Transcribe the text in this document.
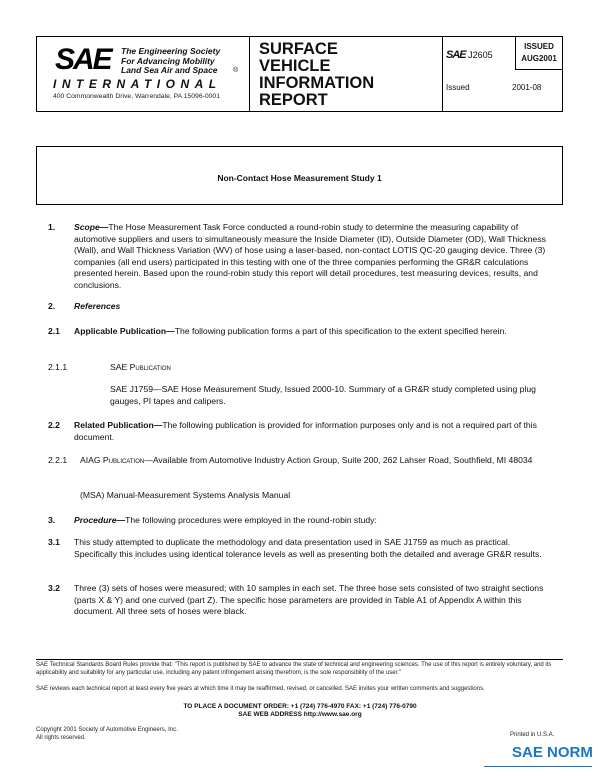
SAE The Engineering Society
For Advancing Mobility
Land Sea Air and Space	®
INTERNATIONAL
400 Commonwealth Drive, Warrendale, PA 15096-0001
SURFACE
VEHICLE
INFORMATION
REPORT
SAE J2605
Issued	2001-08
ISSUED
AUG2001
Non-Contact Hose Measurement Study 1
1. Scope—The Hose Measurement Task Force conducted a round-robin study to determine the measuring capability of automotive suppliers and users to simultaneously measure the Inside Diameter (ID), Outside Diameter (OD), Wall Thickness (Wall), and Wall Thickness Variation (WV) of hose using a laser-based, non-contact LOTIS QC-20 gauging device. Three (3) companies (all end users) participated in this testing with one of the three companies performing the GR&R calculations presented herein. Based upon the round-robin study this report will detail procedures, test measuring devices, results, and conclusions.
2. References
2.1 Applicable Publication—The following publication forms a part of this specification to the extent specified herein.
2.1.1	SAE Publication
SAE J1759—SAE Hose Measurement Study, Issued 2000-10. Summary of a GR&R study completed using plug gauges, PI tapes and calipers.
2.2 Related Publication—The following publication is provided for information purposes only and is not a required part of this document.
2.2.1 AIAG Publication—Available from Automotive Industry Action Group, Suite 200, 262 Lahser Road, Southfield, MI 48034
(MSA) Manual-Measurement Systems Analysis Manual
3. Procedure—The following procedures were employed in the round-robin study:
3.1 This study attempted to duplicate the methodology and data presentation used in SAE J1759 as much as practical. Specifically this includes using identical tolerance levels as well as presenting both the detailed and average GR&R results.
3.2 Three (3) sets of hoses were measured; with 10 samples in each set. The three hose sets consisted of two straight sections (parts X & Y) and one curved (part Z). The specific hose parameters are provided in Table A1 of Appendix A within this document. All three sets of hoses were black.
SAE Technical Standards Board Rules provide that: "This report is published by SAE to advance the state of technical and engineering sciences. The use of this report is entirely voluntary, and its applicability and suitability for any particular use, including any patent infringement arising therefrom, is the sole responsibility of the user."
SAE reviews each technical report at least every five years at which time it may be reaffirmed, revised, or cancelled. SAE invites your written comments and suggestions.
TO PLACE A DOCUMENT ORDER: +1 (724) 776-4970 FAX: +1 (724) 776-0790
SAE WEB ADDRESS http://www.sae.org
Copyright 2001 Society of Automotive Engineers, Inc.
All rights reserved.	Printed in U.S.A.
SAE NORM
